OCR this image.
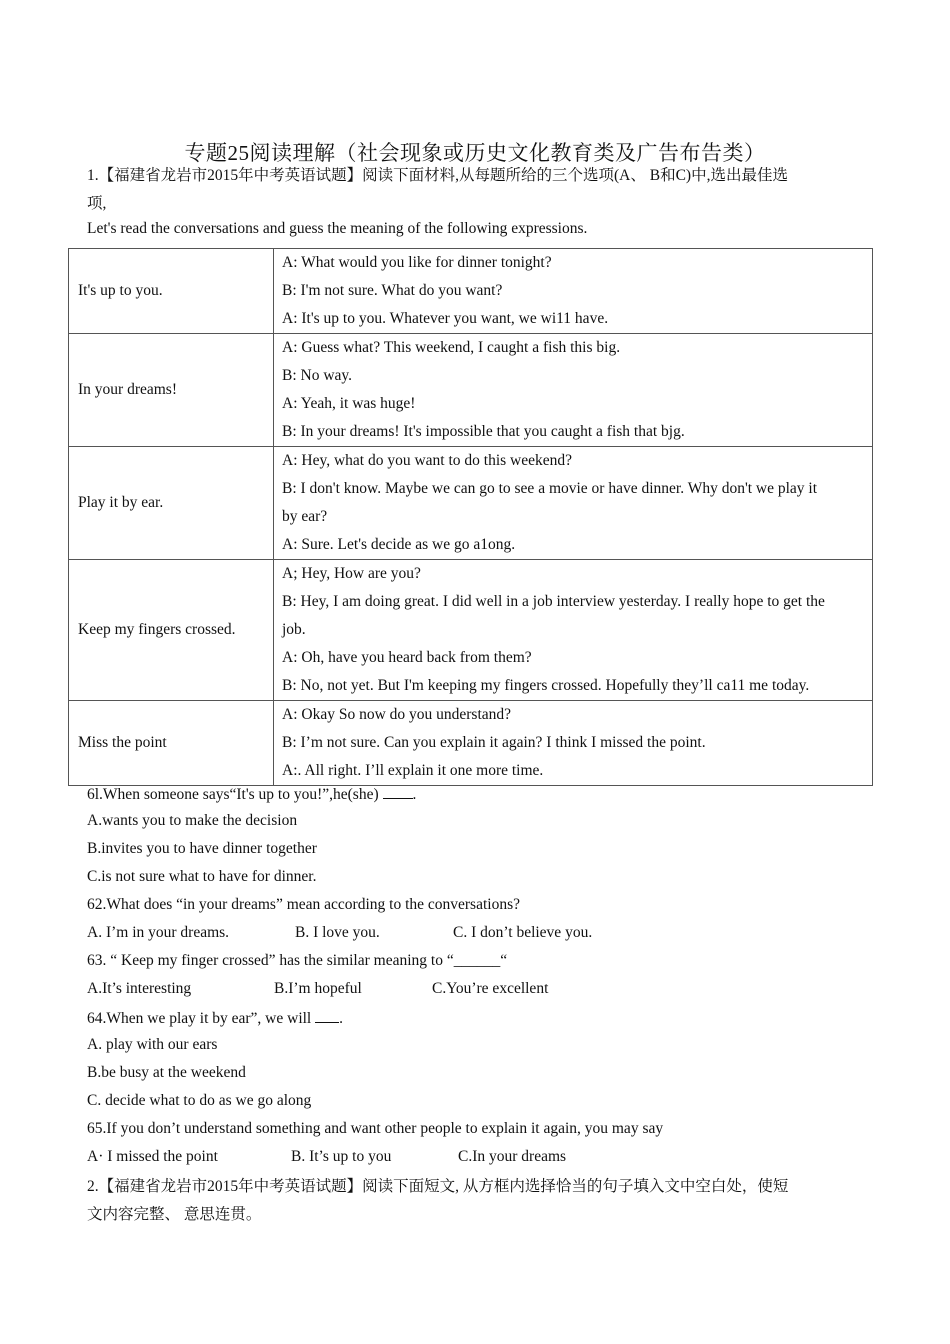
专题25阅读理解（社会现象或历史文化教育类及广告布告类）
1.【福建省龙岩市2015年中考英语试题】阅读下面材料,从每题所给的三个选项(A、 B和C)中,选出最佳选
项,
Let's read the conversations and guess the meaning of the following expressions.
It's up to you.	A: What would you like for dinner tonight?
B: I'm not sure. What do you want?
A: It's up to you. Whatever you want, we wi11 have.

In your dreams!	A: Guess what? This weekend, I caught a fish this big.
B: No way.
A: Yeah, it was huge!
B: In your dreams! It's impossible that you caught a fish that bjg.

Play it by ear.	A: Hey, what do you want to do this weekend?
B: I don't know. Maybe we can go to see a movie or have dinner. Why don't we play it
by ear?
A: Sure. Let's decide as we go a1ong.

Keep my fingers crossed.	A; Hey, How are you?
B: Hey, I am doing great. I did well in a job interview yesterday. I really hope to get the
job.
A: Oh, have you heard back from them?
B: No, not yet. But I'm keeping my fingers crossed. Hopefully they’ll ca11 me today.

Miss the point	A: Okay So now do you understand?
B: I’m not sure. Can you explain it again? I think I missed the point.
A:. All right. I’ll explain it one more time.
6l.When someone says“It's up to you!”,he(she) .
A.wants you to make the decision
B.invites you to have dinner together
C.is not sure what to have for dinner.
62.What does “in your dreams” mean according to the conversations?
A. I’m in your dreams.	B. I love you.	C. I don’t believe you.
63. “ Keep my finger crossed” has the similar meaning to “______“
A.It’s interesting	B.I’m hopeful	C.You’re excellent
64.When we play it by ear”, we will .
A. play with our ears
B.be busy at the weekend
C. decide what to do as we go along
65.If you don’t understand something and want other people to explain it again, you may say
A· I missed the point	B. It’s up to you	C.In your dreams
2.【福建省龙岩市2015年中考英语试题】阅读下面短文, 从方框内选择恰当的句子填入文中空白处，使短
文内容完整、 意思连贯。
